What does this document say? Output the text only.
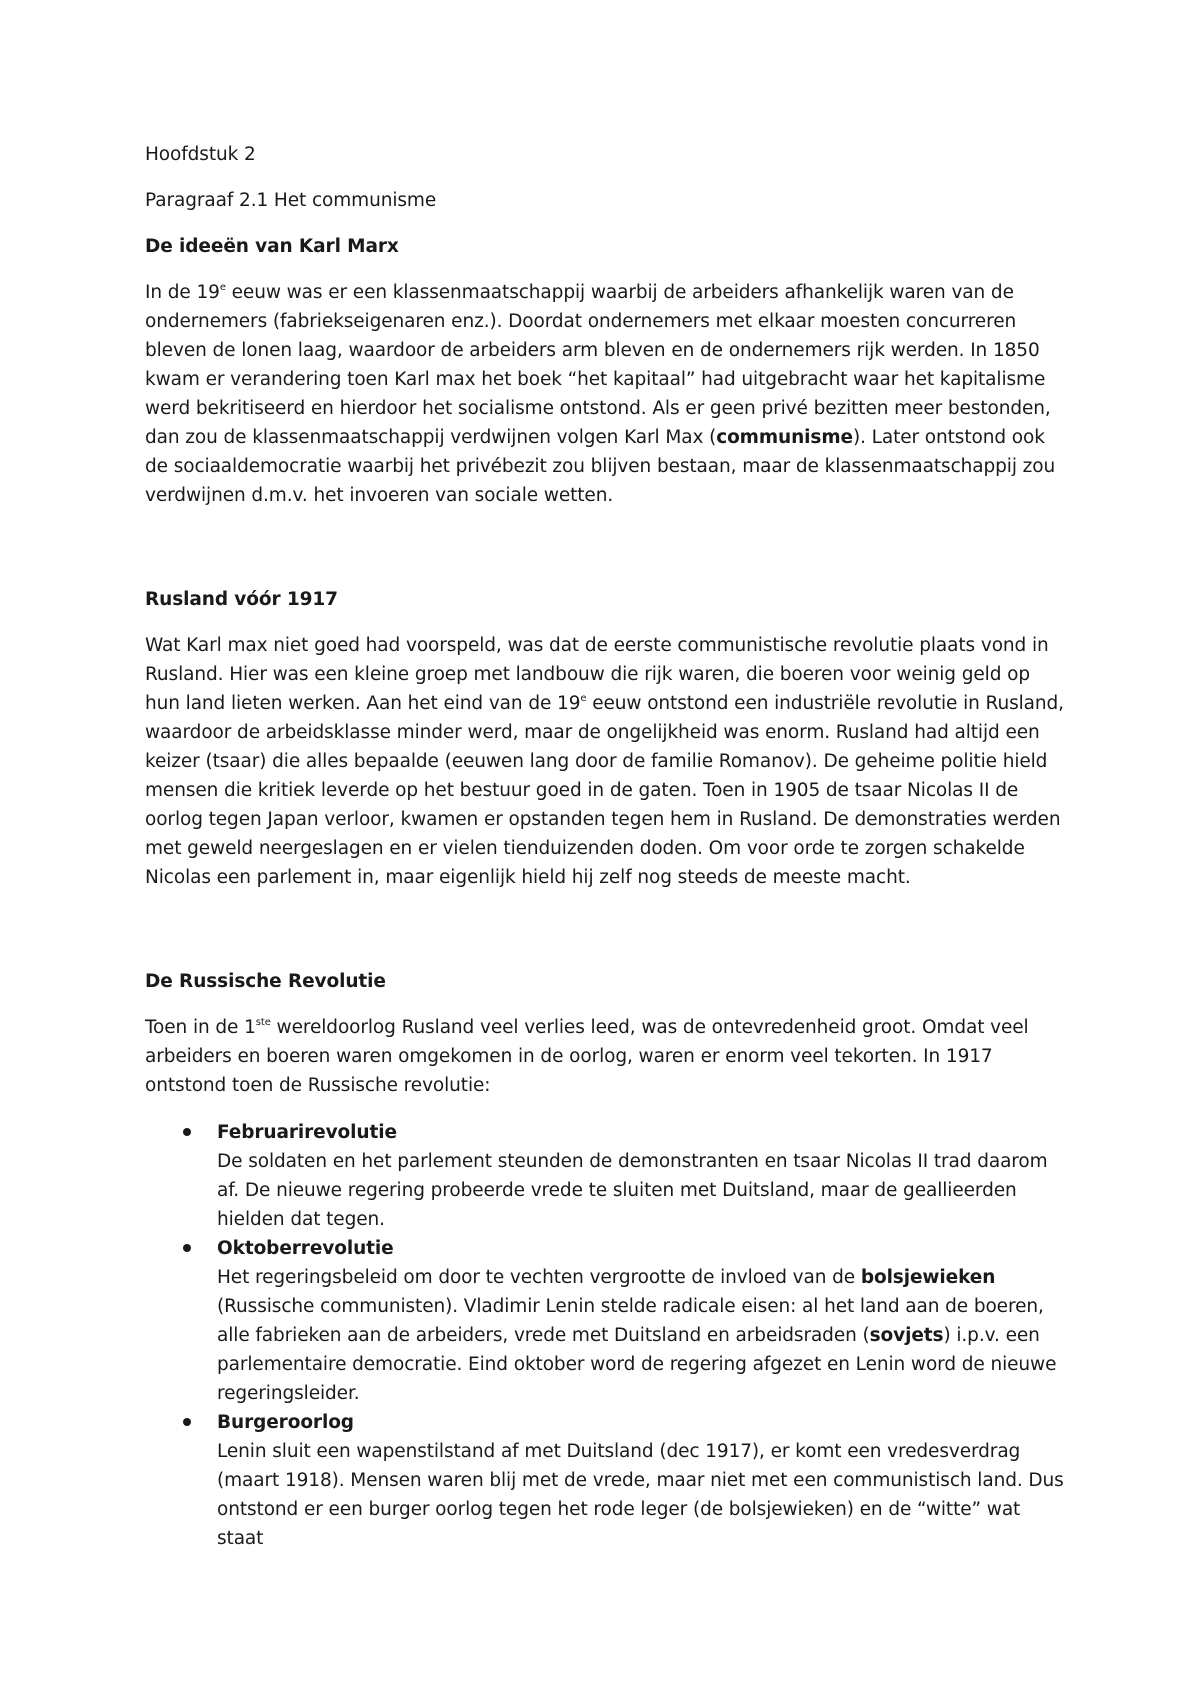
Hoofdstuk 2

Paragraaf 2.1 Het communisme

De ideeën van Karl Marx

In de 19e eeuw was er een klassenmaatschappij waarbij de arbeiders afhankelijk waren van de ondernemers (fabriekseigenaren enz.). Doordat ondernemers met elkaar moesten concurreren bleven de lonen laag, waardoor de arbeiders arm bleven en de ondernemers rijk werden. In 1850 kwam er verandering toen Karl max het boek “het kapitaal” had uitgebracht waar het kapitalisme werd bekritiseerd en hierdoor het socialisme ontstond. Als er geen privé bezitten meer bestonden, dan zou de klassenmaatschappij verdwijnen volgen Karl Max (communisme). Later ontstond ook de sociaaldemocratie waarbij het privébezit zou blijven bestaan, maar de klassenmaatschappij zou verdwijnen d.m.v. het invoeren van sociale wetten.

Rusland vóór 1917

Wat Karl max niet goed had voorspeld, was dat de eerste communistische revolutie plaats vond in Rusland. Hier was een kleine groep met landbouw die rijk waren, die boeren voor weinig geld op hun land lieten werken. Aan het eind van de 19e eeuw ontstond een industriële revolutie in Rusland, waardoor de arbeidsklasse minder werd, maar de ongelijkheid was enorm. Rusland had altijd een keizer (tsaar) die alles bepaalde (eeuwen lang door de familie Romanov). De geheime politie hield mensen die kritiek leverde op het bestuur goed in de gaten. Toen in 1905 de tsaar Nicolas II de oorlog tegen Japan verloor, kwamen er opstanden tegen hem in Rusland. De demonstraties werden met geweld neergeslagen en er vielen tienduizenden doden. Om voor orde te zorgen schakelde Nicolas een parlement in, maar eigenlijk hield hij zelf nog steeds de meeste macht.

De Russische Revolutie

Toen in de 1ste wereldoorlog Rusland veel verlies leed, was de ontevredenheid groot. Omdat veel arbeiders en boeren waren omgekomen in de oorlog, waren er enorm veel tekorten. In 1917 ontstond toen de Russische revolutie:

Februarirevolutie
De soldaten en het parlement steunden de demonstranten en tsaar Nicolas II trad daarom af. De nieuwe regering probeerde vrede te sluiten met Duitsland, maar de geallieerden hielden dat tegen.
Oktoberrevolutie
Het regeringsbeleid om door te vechten vergrootte de invloed van de bolsjewieken (Russische communisten). Vladimir Lenin stelde radicale eisen: al het land aan de boeren, alle fabrieken aan de arbeiders, vrede met Duitsland en arbeidsraden (sovjets) i.p.v. een parlementaire democratie. Eind oktober word de regering afgezet en Lenin word de nieuwe regeringsleider.
Burgeroorlog
Lenin sluit een wapenstilstand af met Duitsland (dec 1917), er komt een vredesverdrag (maart 1918). Mensen waren blij met de vrede, maar niet met een communistisch land. Dus ontstond er een burger oorlog tegen het rode leger (de bolsjewieken) en de “witte” wat staat
